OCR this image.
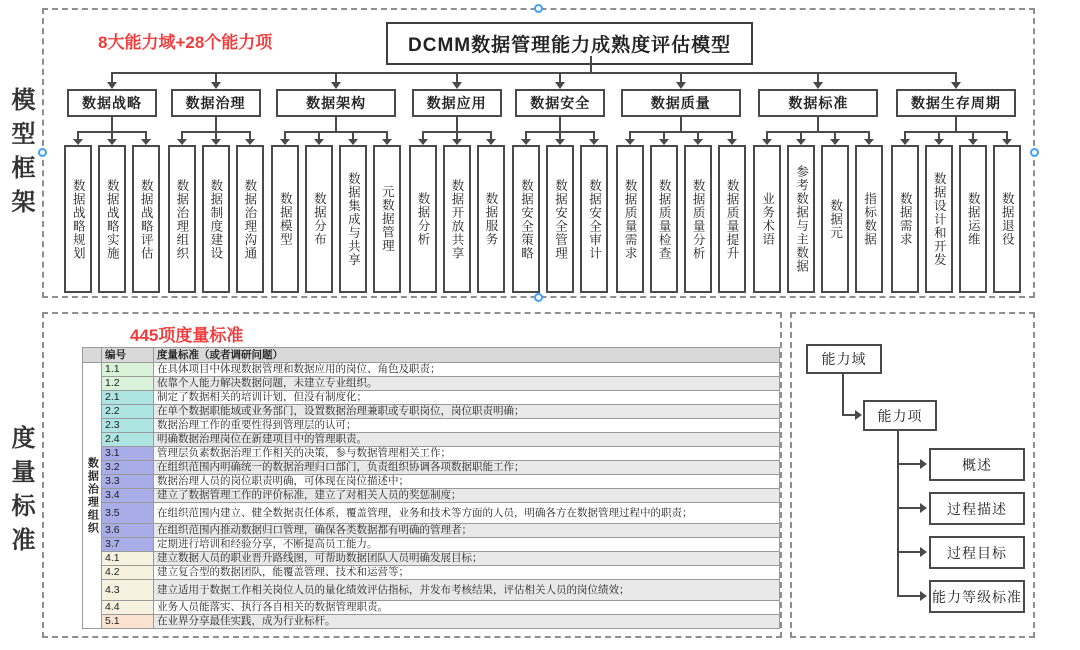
模型框架
度量标准
8大能力域+28个能力项	DCMM数据管理能力成熟度评估模型
数据战略
数据战略规划	数据战略实施	数据战略评估
数据治理
数据治理组织	数据制度建设	数据治理沟通
数据架构
数据模型	数据分布	数据集成与共享	元数据管理
数据应用
数据分析	数据开放共享	数据服务
数据安全
数据安全策略	数据安全管理	数据安全审计
数据质量
数据质量需求	数据质量检查	数据质量分析	数据质量提升
数据标准
业务术语	参考数据与主数据	数据元	指标数据
数据生存周期
数据需求	数据设计和开发	数据运维	数据退役
445项度量标准
	编号	度量标准（或者调研问题）
数据治理组织	1.1	在具体项目中体现数据管理和数据应用的岗位、角色及职责；
	1.2	依靠个人能力解决数据问题，未建立专业组织。
	2.1	制定了数据相关的培训计划，但没有制度化；
	2.2	在单个数据职能域或业务部门，设置数据治理兼职或专职岗位，岗位职责明确；
	2.3	数据治理工作的重要性得到管理层的认可；
	2.4	明确数据治理岗位在新建项目中的管理职责。
	3.1	管理层负素数据治理工作相关的决策，参与数据管理相关工作；
	3.2	在组织范围内明确统一的数据治理归口部门，负责组织协调各项数据职能工作；
	3.3	数据治理人员的岗位职责明确，可体现在岗位描述中；
	3.4	建立了数据管理工作的评价标准，建立了对相关人员的奖惩制度；
	3.5	在组织范围内建立、健全数据责任体系，覆盖管理，业务和技术等方面的人员，明确各方在数据管理过程中的职责；
	3.6	在组织范围内推动数据归口管理，确保各类数据都有明确的管理者；
	3.7	定期进行培训和经验分享，不断提高员工能力。
	4.1	建立数据人员的职业晋升路线图，可帮助数据团队人员明确发展目标；
	4.2	建立复合型的数据团队，能覆盖管理、技术和运营等；
	4.3	建立适用于数据工作相关岗位人员的量化绩效评估指标，并发布考核结果，评估相关人员的岗位绩效；
	4.4	业务人员能落实、执行各自相关的数据管理职责。
	5.1	在业界分享最佳实践，成为行业标杆。
能力域
能力项
概述
过程描述
过程目标
能力等级标准
